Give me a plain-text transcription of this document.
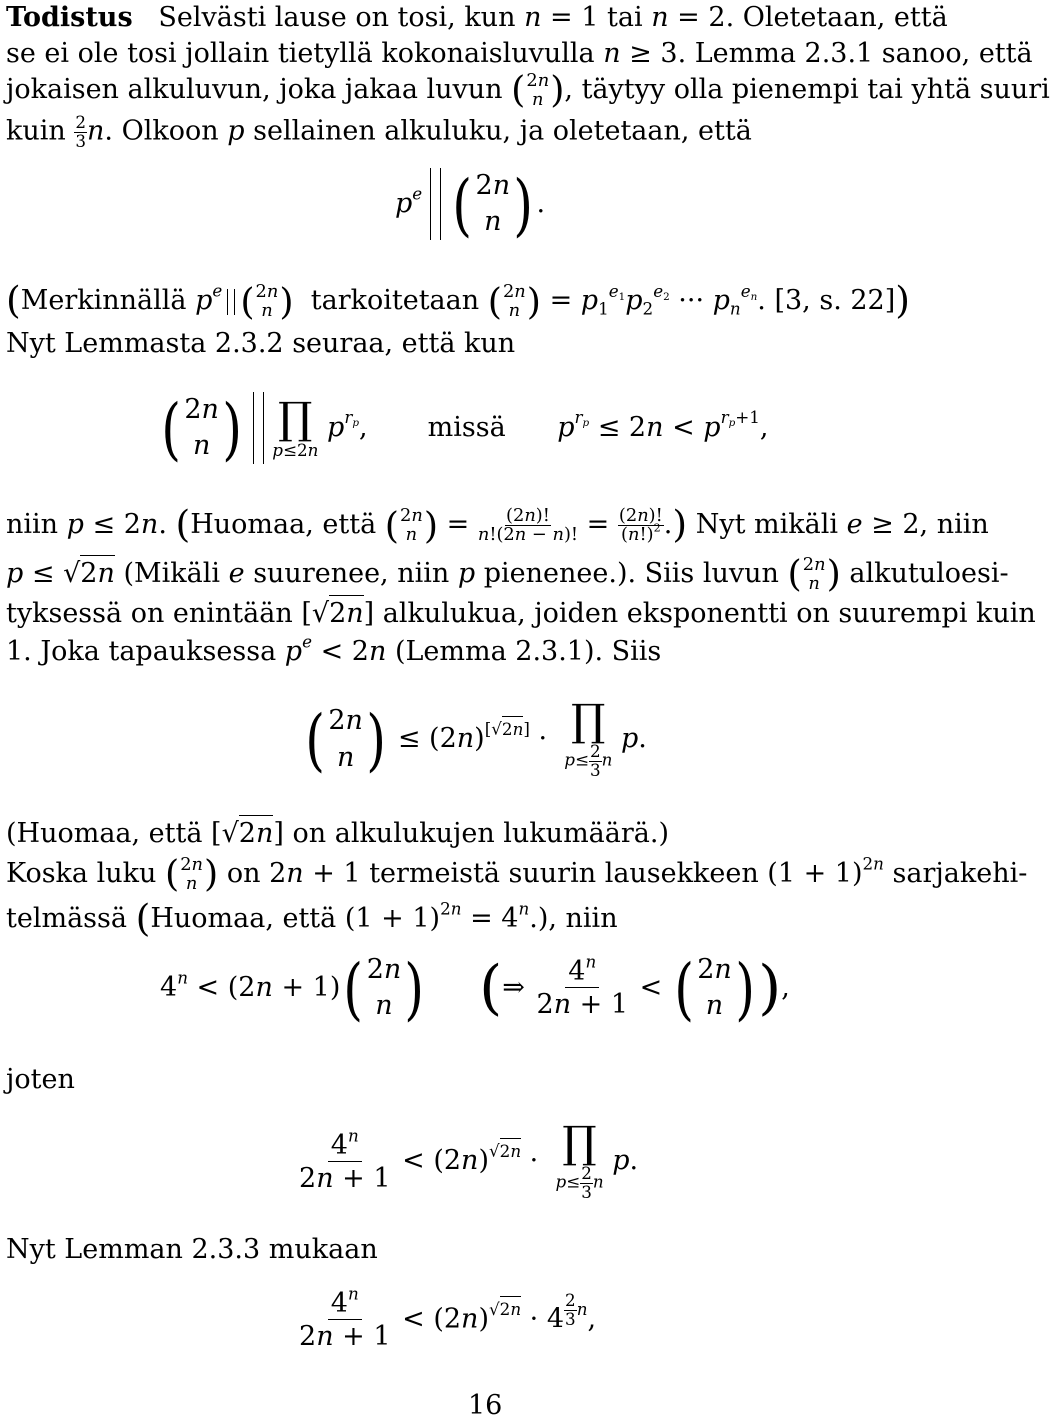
Todistus Selvästi lause on tosi, kun n = 1 tai n = 2. Oletetaan, että
se ei ole tosi jollain tietyllä kokonaisluvulla n ≥ 3. Lemma 2.3.1 sanoo, että
jokaisen alkuluvun, joka jakaa luvun ( 2n
n ) , täytyy olla pienempi tai yhtä suuri
kuin $\frac{2}{3} n$. Olkoon p sellainen alkuluku, ja oletetaan, että
$p^e$ ( 2n
n ) .
(Merkinnällä $p^e$ ( 2n
n ) tarkoitetaan ( 2n
n ) = $p_1^{e_1}p_2^{e_2}$ ··· $p_n^{e_n}$. [3, s. 22])
Nyt Lemmasta 2.3.2 seuraa, että kun
( 2n
n ) ∏
p≤2n
$p^{r_p}$,       missä $p^{r_p} \le 2n < p^{r_p+1}$,
niin p ≤ 2n. (Huomaa, että ( 2n
n ) = $\frac{(2n)!}{n!(2n - n)!} = \frac{(2n)!}{(n!)^2}$ .) Nyt mikäli e ≥ 2, niin
p ≤ √2n (Mikäli e suurenee, niin p pienenee.). Siis luvun ( 2n
n ) alkutuloesi-
tyksessä on enintään [√2n] alkulukua, joiden eksponentti on suurempi kuin
1. Joka tapauksessa $p^e < 2n$ (Lemma 2.3.1). Siis
( 2n
n ) ≤ (2n)[√2n] · ∏
$p\le \frac{2}{3}$ n
p.
(Huomaa, että [√2n] on alkulukujen lukumäärä.)
Koska luku ( 2n
n ) on 2n + 1 termeistä suurin lausekkeen $(1 + 1)^{2n}$ sarjakehi-
telmässä (Huomaa, että $(1 + 1)^{2n} = 4^n$.), niin
$4^n < (2n + 1)$ ( 2n
n ) (⇒ $\frac{4^n}{2n + 1}$ < ( 2n
n ) ),
joten
$\frac{4^n}{2n + 1} < (2n)^{√2n}$ · ∏
$p\le \frac{2}{3}$ n
p.
Nyt Lemman 2.3.3 mukaan
$\frac{4^n}{2n + 1} < (2n)^{√2n} \cdot 4$ $^{\frac{2}{3} n}$,
16
